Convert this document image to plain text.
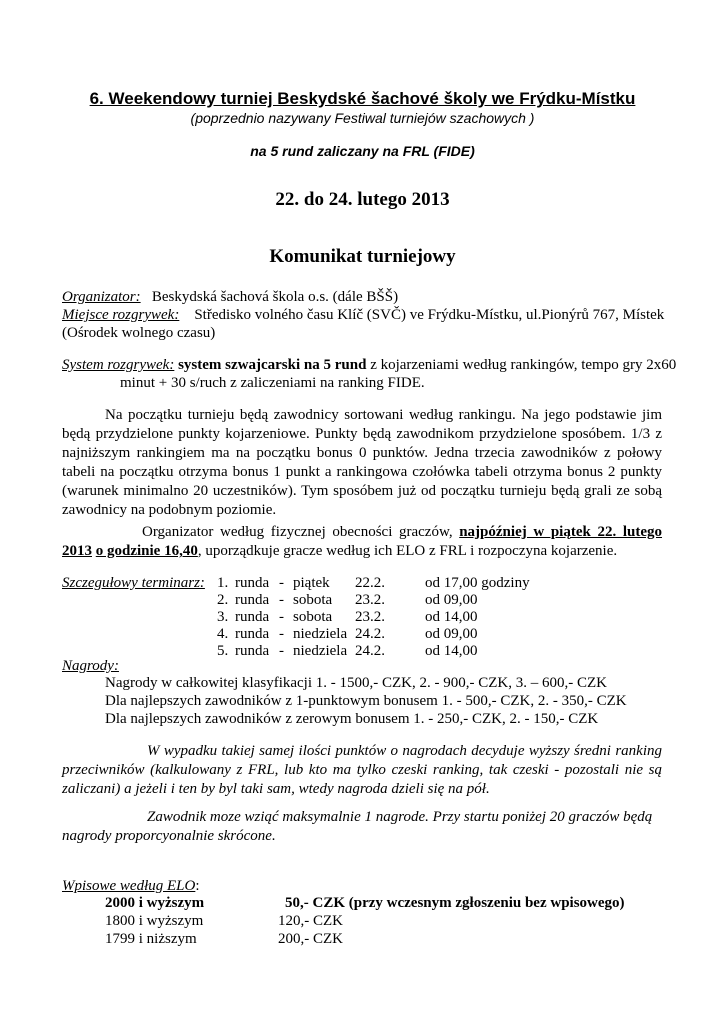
6. Weekendowy turniej Beskydské šachové školy we Frýdku-Místku
(poprzednio nazywany Festiwal turniejów szachowych )
na 5 rund zaliczany na FRL (FIDE)
22. do 24. lutego 2013
Komunikat turniejowy
Organizator: Beskydská šachová škola o.s. (dále BŠŠ)
Miejsce rozgrywek: Středisko volného času Klíč (SVČ) ve Frýdku-Místku, ul.Pionýrů 767, Místek
(Ośrodek wolnego czasu)
System rozgrywek: system szwajcarski na 5 rund z kojarzeniami według rankingów, tempo gry 2x60
minut + 30 s/ruch z zaliczeniami na ranking FIDE.
Na początku turnieju będą zawodnicy sortowani według rankingu. Na jego podstawie jim będą przydzielone punkty kojarzeniowe. Punkty będą zawodnikom przydzielone sposóbem. 1/3 z najniższym rankingiem ma na początku bonus 0 punktów. Jedna trzecia zawodników z połowy tabeli na początku otrzyma bonus 1 punkt a rankingowa czołówka tabeli otrzyma bonus 2 punkty (warunek minimalno 20 uczestników). Tym sposóbem już od początku turnieju będą grali ze sobą zawodnicy na podobnym poziomie.
Organizator według fizycznej obecności graczów, najpóźniej w piątek 22. lutego 2013 o godzinie 16,40, uporządkuje gracze według ich ELO z FRL i rozpoczyna kojarzenie.
Szczegułowy terminarz: 1. runda - piątek 22.2.	od 17,00 godziny
2. runda - sobota 23.2.	od 09,00
3. runda - sobota 23.2.	od 14,00
4. runda - niedziela 24.2.	od 09,00
5. runda - niedziela 24.2.	od 14,00
Nagrody:
Nagrody w całkowitej klasyfikacji 1. - 1500,- CZK, 2. - 900,- CZK, 3. – 600,- CZK
Dla najlepszych zawodników z 1-punktowym bonusem 1. - 500,- CZK, 2. - 350,- CZK
Dla najlepszych zawodników z zerowym bonusem 1. - 250,- CZK, 2. - 150,- CZK
W wypadku takiej samej ilości punktów o nagrodach decyduje wyższy średni ranking przeciwników (kalkulowany z FRL, lub kto ma tylko czeski ranking, tak czeski - pozostali nie są zaliczani) a jeżeli i ten by byl taki sam, wtedy nagroda dzieli się na pół.
Zawodnik moze wziąć maksymalnie 1 nagrode. Przy startu poniżej 20 graczów będą nagrody proporcyonalnie skrócone.
Wpisowe według ELO:
2000 i wyższym	50,- CZK (przy wczesnym zgłoszeniu bez wpisowego)
1800 i wyższym	120,- CZK
1799 i niższym	200,- CZK
